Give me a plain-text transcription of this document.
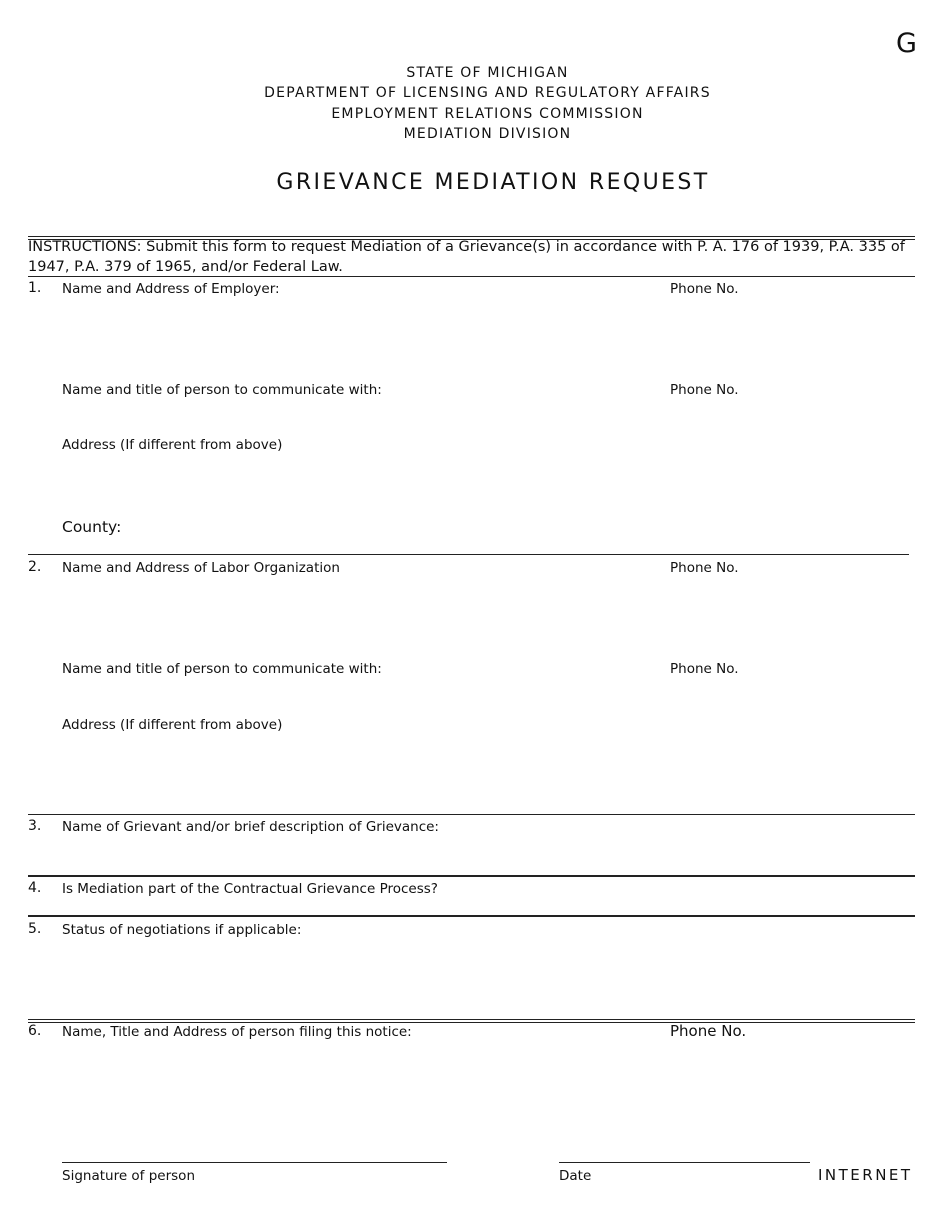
G
STATE OF MICHIGAN
DEPARTMENT OF LICENSING AND REGULATORY AFFAIRS
EMPLOYMENT RELATIONS COMMISSION
MEDIATION DIVISION
GRIEVANCE MEDIATION REQUEST
INSTRUCTIONS: Submit this form to request Mediation of a Grievance(s) in accordance with P. A. 176 of 1939, P.A. 335 of 1947, P.A. 379 of 1965, and/or Federal Law.
1. Name and Address of Employer:	Phone No.
Name and title of person to communicate with:	Phone No.
Address (If different from above)
County:
2. Name and Address of Labor Organization	Phone No.
Name and title of person to communicate with:	Phone No.
Address (If different from above)
3. Name of Grievant and/or brief description of Grievance:
4. Is Mediation part of the Contractual Grievance Process?
5. Status of negotiations if applicable:
6. Name, Title and Address of person filing this notice:	Phone No.
Signature of person	Date	INTERNET
